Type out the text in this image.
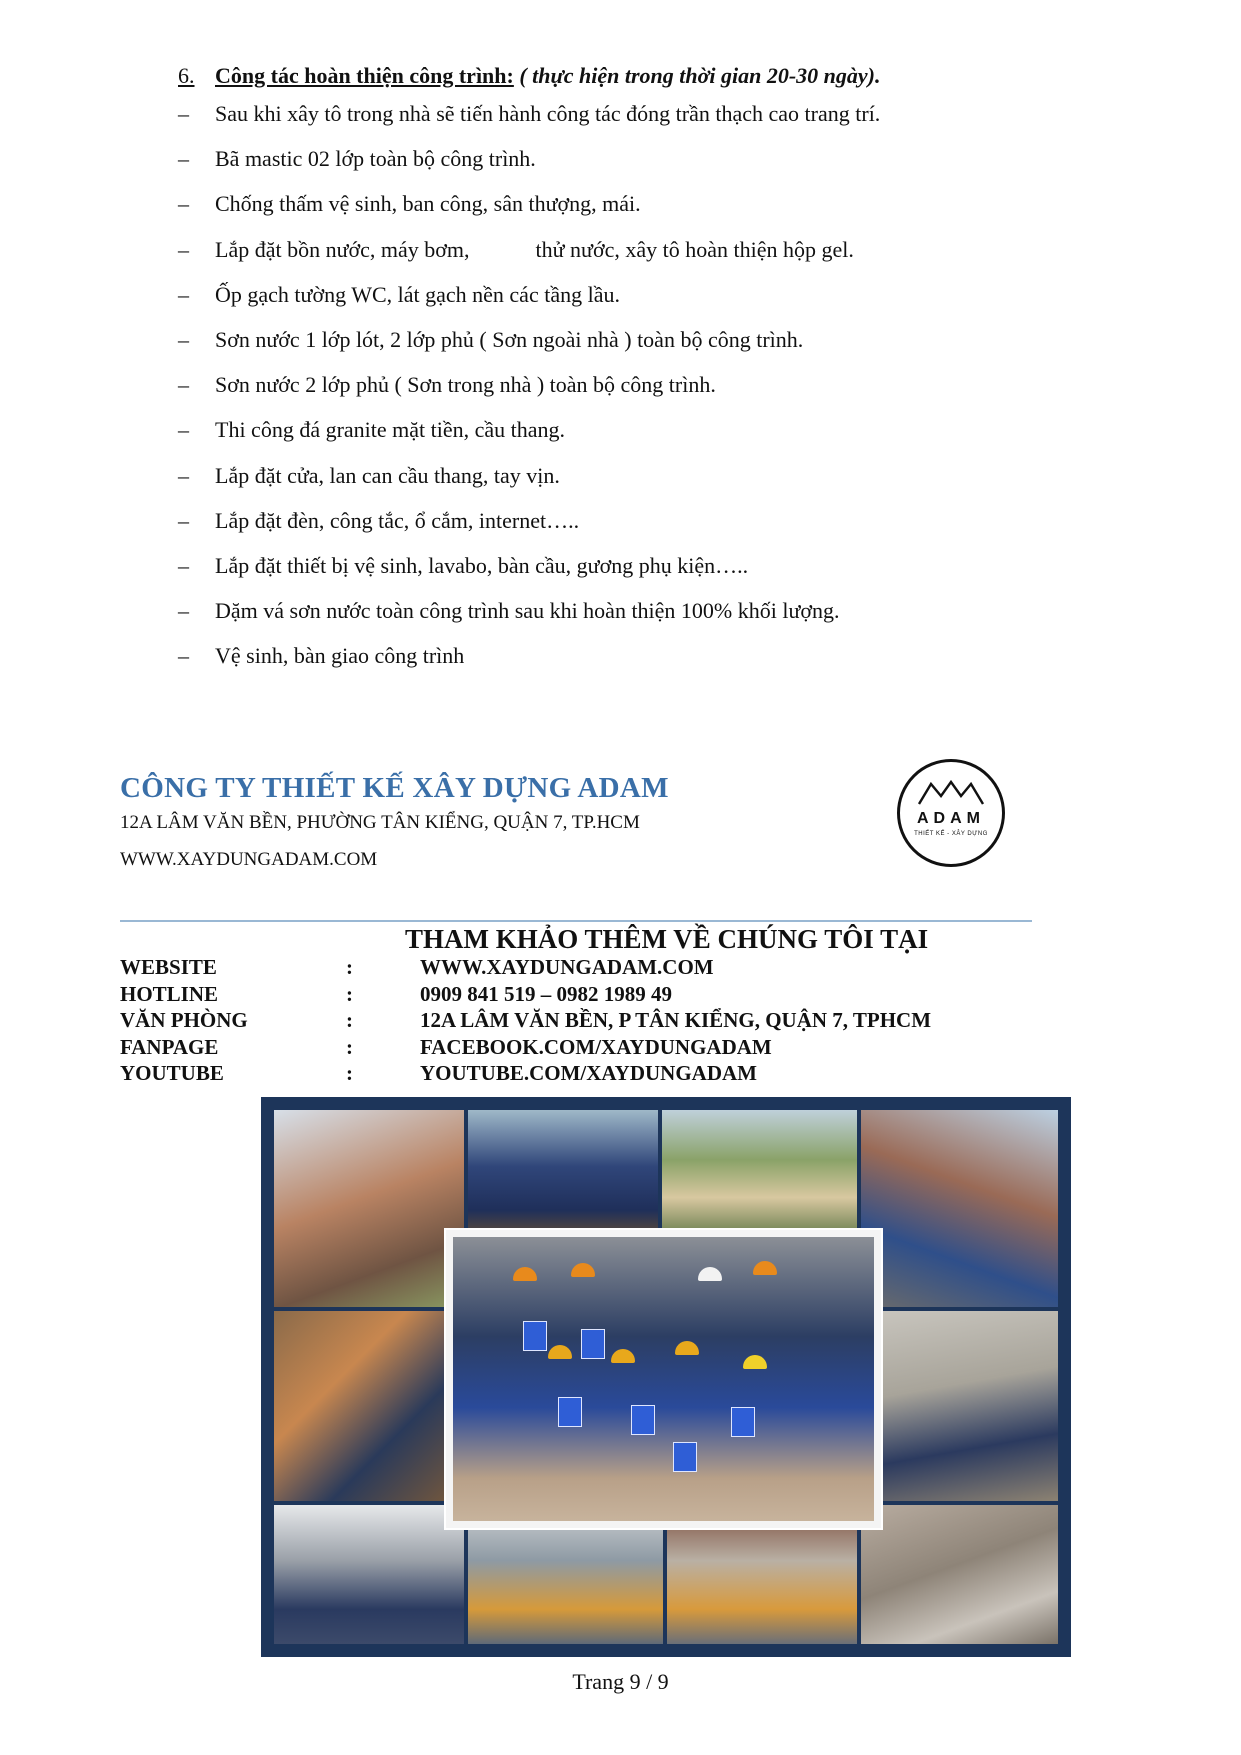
6. Công tác hoàn thiện công trình: ( thực hiện trong thời gian 20-30 ngày).
– Sau khi xây tô trong nhà sẽ tiến hành công tác đóng trần thạch cao trang trí.
– Bã mastic 02 lớp toàn bộ công trình.
– Chống thấm vệ sinh, ban công, sân thượng, mái.
– Lắp đặt bồn nước, máy bơm,            thử nước, xây tô hoàn thiện hộp gel.
– Ốp gạch tường WC, lát gạch nền các tầng lầu.
– Sơn nước 1 lớp lót, 2 lớp phủ ( Sơn ngoài nhà ) toàn bộ công trình.
– Sơn nước 2 lớp phủ ( Sơn trong nhà ) toàn bộ công trình.
– Thi công đá granite mặt tiền, cầu thang.
– Lắp đặt cửa, lan can cầu thang, tay vịn.
– Lắp đặt đèn, công tắc, ổ cắm, internet…..
– Lắp đặt thiết bị vệ sinh, lavabo, bàn cầu, gương phụ kiện…..
– Dặm vá sơn nước toàn công trình sau khi hoàn thiện 100% khối lượng.
– Vệ sinh, bàn giao công trình
CÔNG TY THIẾT KẾ XÂY DỰNG ADAM
12A LÂM VĂN BỀN, PHƯỜNG TÂN KIỂNG, QUẬN 7, TP.HCM
WWW.XAYDUNGADAM.COM
ADAM
THIẾT KẾ - XÂY DỰNG
THAM KHẢO THÊM VỀ CHÚNG TÔI TẠI
WEBSITE	:	WWW.XAYDUNGADAM.COM
HOTLINE	:	0909 841 519 – 0982 1989 49
VĂN PHÒNG	:	12A LÂM VĂN BỀN, P TÂN KIỂNG, QUẬN 7, TPHCM
FANPAGE	:	FACEBOOK.COM/XAYDUNGADAM
YOUTUBE	:	YOUTUBE.COM/XAYDUNGADAM
Trang 9 / 9
